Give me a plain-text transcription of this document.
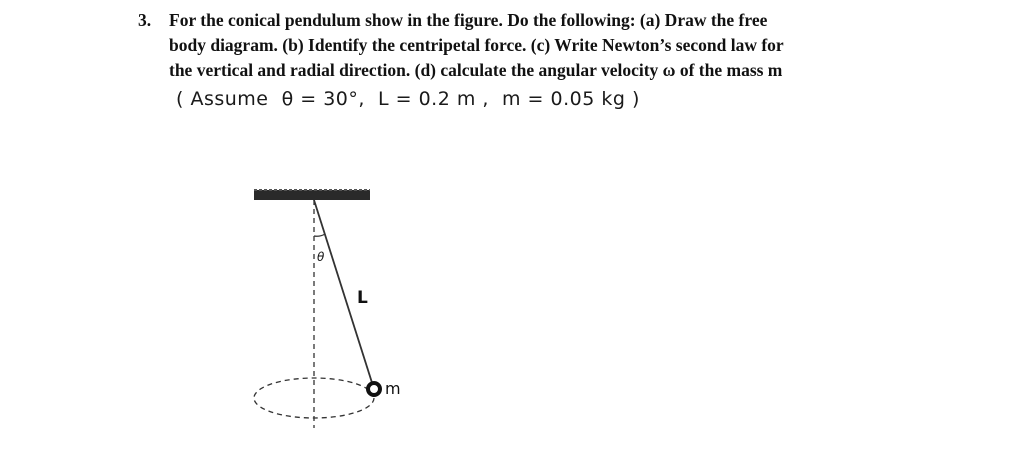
3. For the conical pendulum show in the figure. Do the following: (a) Draw the free
body diagram. (b) Identify the centripetal force. (c) Write Newton’s second law for
the vertical and radial direction. (d) calculate the angular velocity ω of the mass m
( Assume  θ = 30°,  L = 0.2 m ,  m = 0.05 kg )
θ
L
m
